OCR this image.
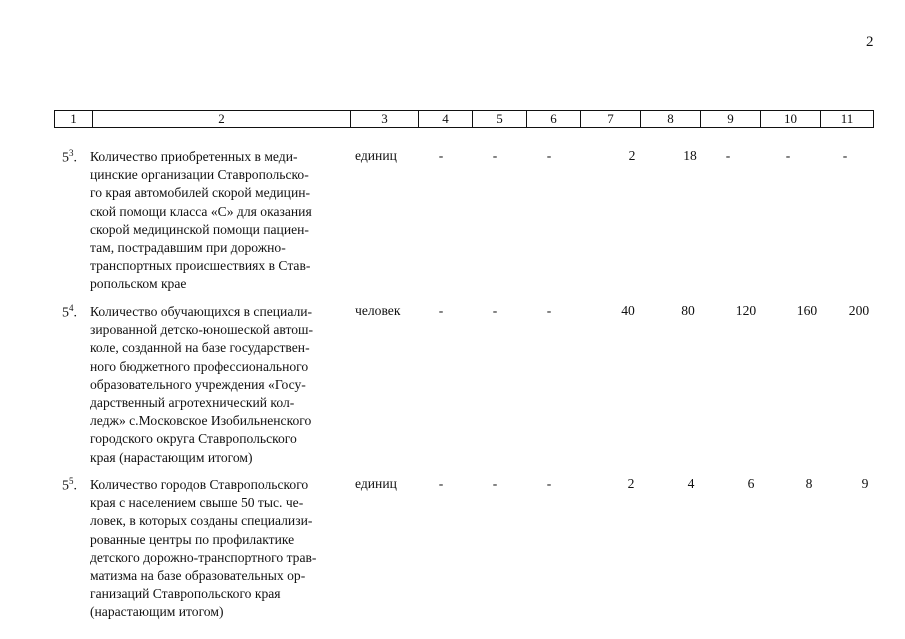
2
1	2	3	4	5	6	7	8	9	10	11
$5^3$. Количество приобретенных в меди-
цинские организации Ставропольско-
го края автомобилей скорой медицин-
ской помощи класса «С» для оказания
скорой медицинской помощи пациен-
там, пострадавшим при дорожно-
транспортных происшествиях в Став-
ропольском крае
единиц	-	-	-	2	18	-	-	-
$5^4$. Количество обучающихся в специали-
зированной детско-юношеской автош-
коле, созданной на базе государствен-
ного бюджетного профессионального
образовательного учреждения «Госу-
дарственный агротехнический кол-
ледж» с.Московское Изобильненского
городского округа Ставропольского
края (нарастающим итогом)
человек	-	-	-	40	80	120	160	200
$5^5$. Количество городов Ставропольского
края с населением свыше 50 тыс. че-
ловек, в которых созданы специализи-
рованные центры по профилактике
детского дорожно-транспортного трав-
матизма на базе образовательных ор-
ганизаций Ставропольского края
(нарастающим итогом)
единиц	-	-	-	2	4	6	8	9
